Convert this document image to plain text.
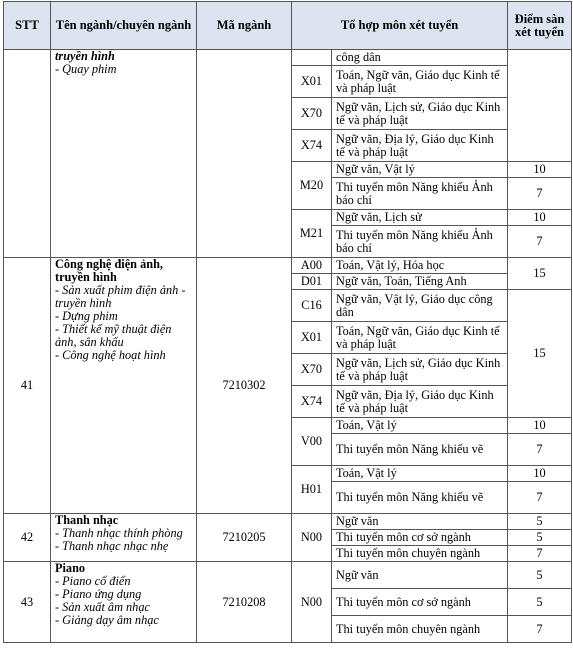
STT	Tên ngành/chuyên ngành	Mã ngành	Tổ hợp môn xét tuyển		Điểm sàn xét tuyển

	truyền hình
- Quay phim			công dân	
			X01	Toán, Ngữ văn, Giáo dục Kinh tế và pháp luật	
			X70	Ngữ văn, Lịch sử, Giáo dục Kinh tế và pháp luật	
			X74	Ngữ văn, Địa lý, Giáo dục Kinh tế và pháp luật	
			M20	Ngữ văn, Vật lý	10
				Thi tuyển môn Năng khiếu Ảnh báo chí	7
			M21	Ngữ văn, Lịch sử	10
				Thi tuyển môn Năng khiếu Ảnh báo chí	7

41	Công nghệ điện ảnh, truyền hình
- Sản xuất phim điện ảnh - truyền hình
- Dựng phim
- Thiết kế mỹ thuật điện ảnh, sân khấu
- Công nghệ hoạt hình	7210302	A00	Toán, Vật lý, Hóa học	15
			D01	Ngữ văn, Toán, Tiếng Anh	
			C16	Ngữ văn, Vật lý, Giáo dục công dân	15
			X01	Toán, Ngữ văn, Giáo dục Kinh tế và pháp luật	
			X70	Ngữ văn, Lịch sử, Giáo dục Kinh tế và pháp luật	
			X74	Ngữ văn, Địa lý, Giáo dục Kinh tế và pháp luật	
			V00	Toán, Vật lý	10
				Thi tuyển môn Năng khiếu vẽ	7
			H01	Toán, Vật lý	10
				Thi tuyển môn Năng khiếu vẽ	7

42	Thanh nhạc
- Thanh nhạc thính phòng
- Thanh nhạc nhạc nhẹ	7210205	N00	Ngữ văn	5
				Thi tuyển môn cơ sở ngành	5
				Thi tuyển môn chuyên ngành	7
43	Piano
- Piano cổ điển
- Piano ứng dụng
- Sản xuất âm nhạc
- Giảng dạy âm nhạc	7210208	N00	Ngữ văn	5
				Thi tuyển môn cơ sở ngành	5
				Thi tuyển môn chuyên ngành	7
